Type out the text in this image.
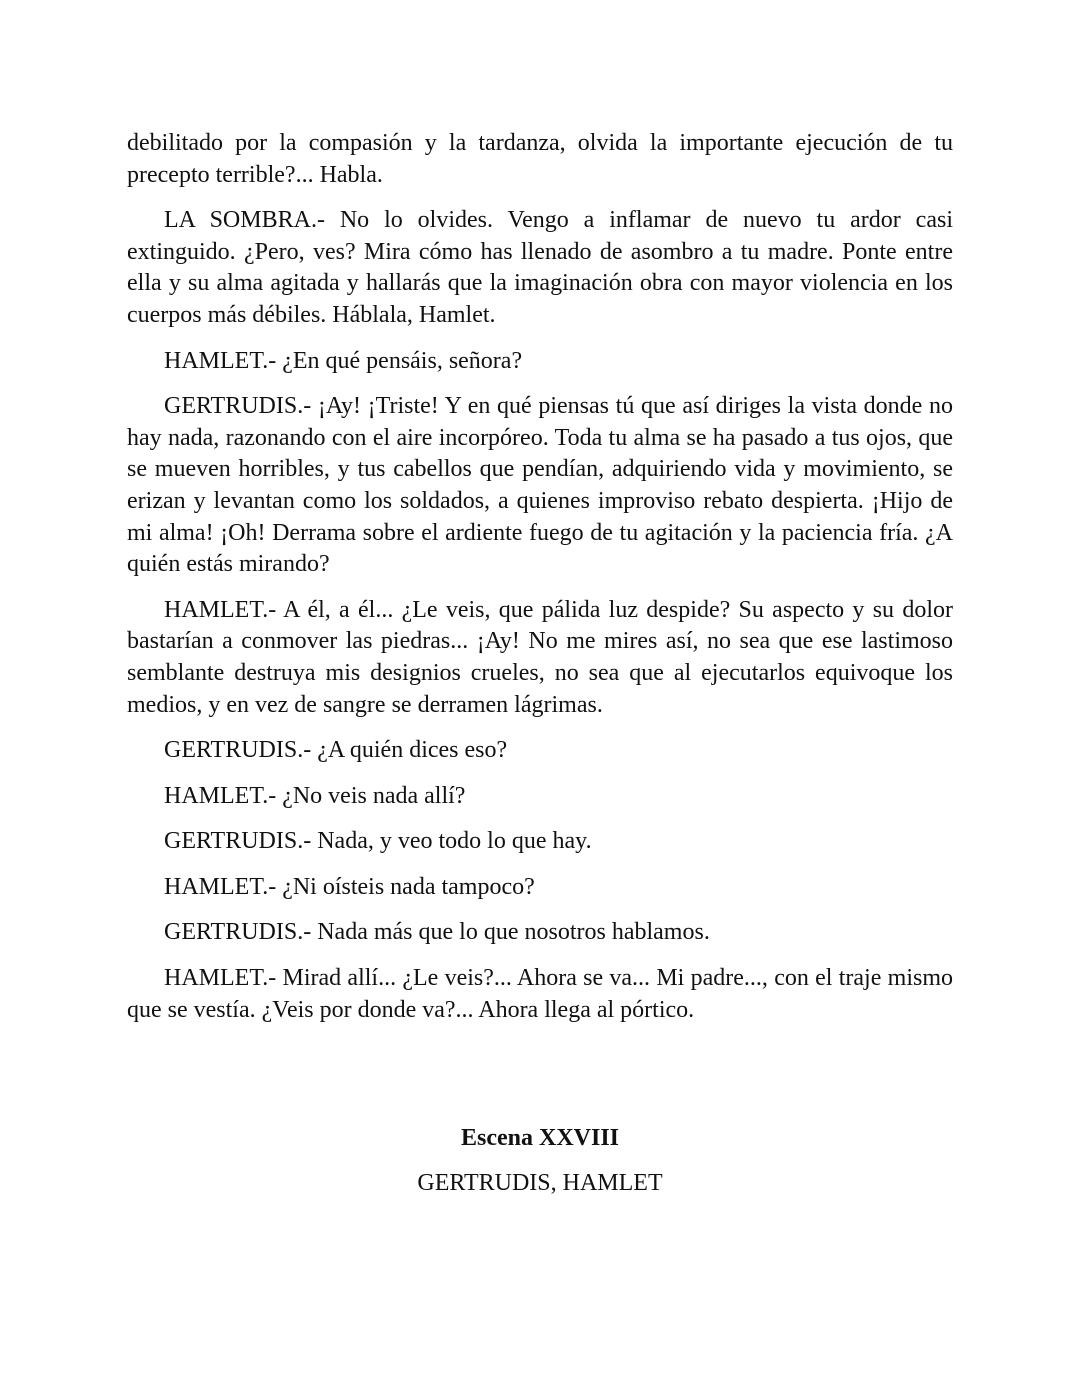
debilitado por la compasión y la tardanza, olvida la importante ejecución de tu precepto terrible?... Habla.

LA SOMBRA.- No lo olvides. Vengo a inflamar de nuevo tu ardor casi extinguido. ¿Pero, ves? Mira cómo has llenado de asombro a tu madre. Ponte entre ella y su alma agitada y hallarás que la imaginación obra con mayor violencia en los cuerpos más débiles. Háblala, Hamlet.

HAMLET.- ¿En qué pensáis, señora?

GERTRUDIS.- ¡Ay! ¡Triste! Y en qué piensas tú que así diriges la vista donde no hay nada, razonando con el aire incorpóreo. Toda tu alma se ha pasado a tus ojos, que se mueven horribles, y tus cabellos que pendían, adquiriendo vida y movimiento, se erizan y levantan como los soldados, a quienes improviso rebato despierta. ¡Hijo de mi alma! ¡Oh! Derrama sobre el ardiente fuego de tu agitación y la paciencia fría. ¿A quién estás mirando?

HAMLET.- A él, a él... ¿Le veis, que pálida luz despide? Su aspecto y su dolor bastarían a conmover las piedras... ¡Ay! No me mires así, no sea que ese lastimoso semblante destruya mis designios crueles, no sea que al ejecutarlos equivoque los medios, y en vez de sangre se derramen lágrimas.

GERTRUDIS.- ¿A quién dices eso?

HAMLET.- ¿No veis nada allí?

GERTRUDIS.- Nada, y veo todo lo que hay.

HAMLET.- ¿Ni oísteis nada tampoco?

GERTRUDIS.- Nada más que lo que nosotros hablamos.

HAMLET.- Mirad allí... ¿Le veis?... Ahora se va... Mi padre..., con el traje mismo que se vestía. ¿Veis por donde va?... Ahora llega al pórtico.

Escena XXVIII

GERTRUDIS, HAMLET
